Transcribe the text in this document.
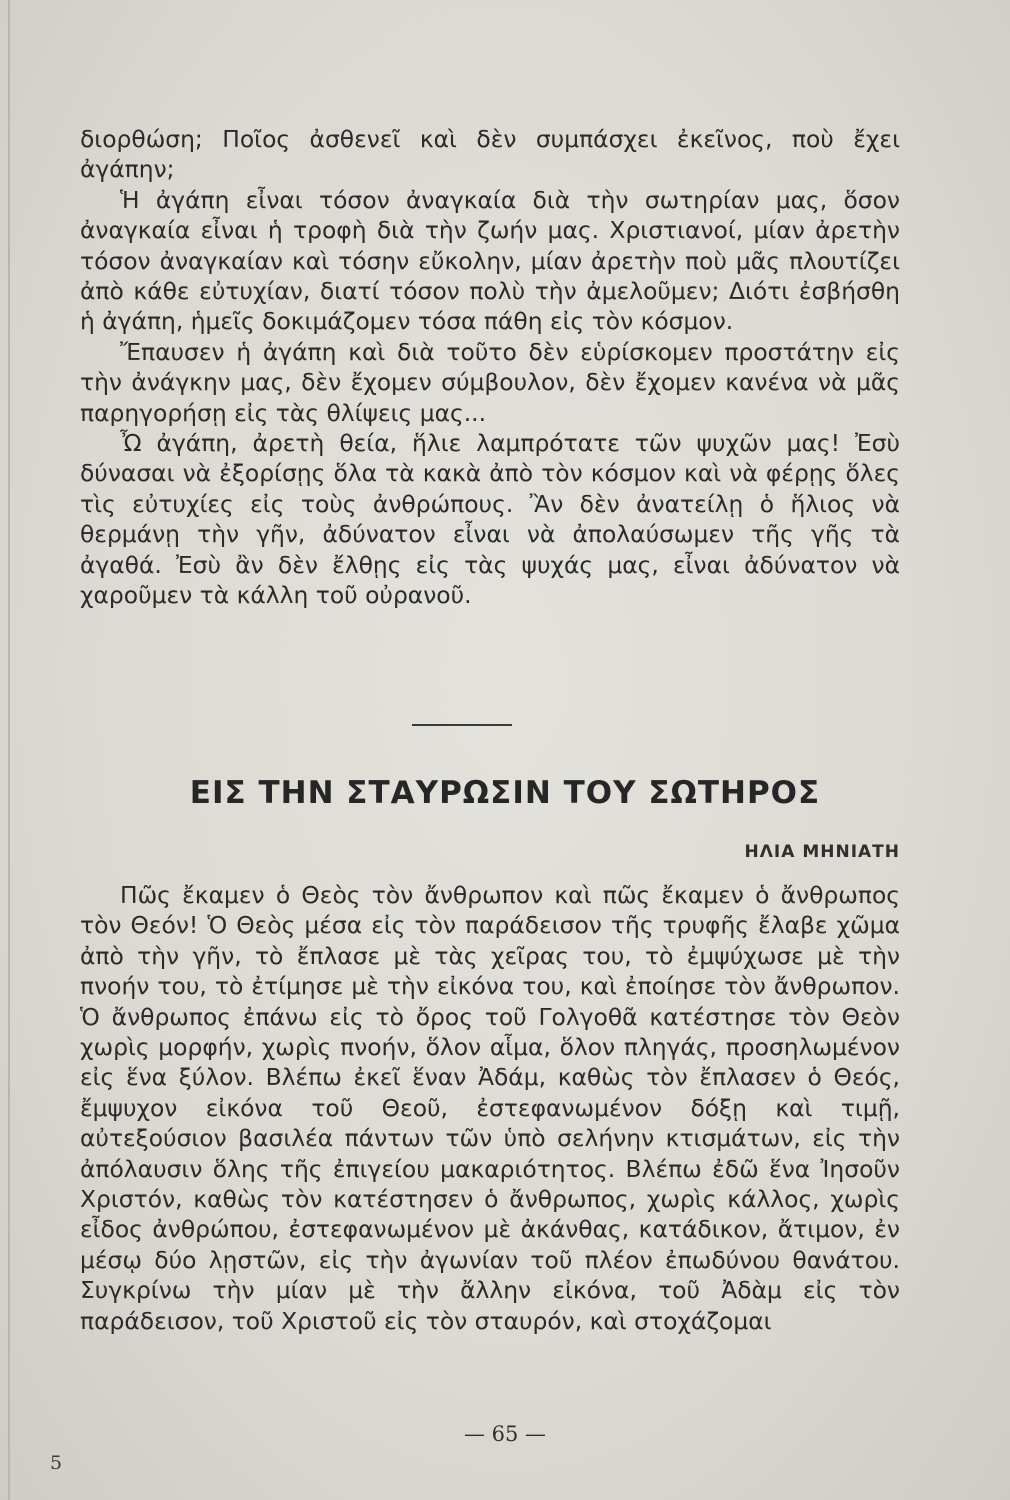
διορθώση; Ποῖος ἀσθενεῖ καὶ δὲν συμπάσχει ἐκεῖνος, ποὺ ἔχει ἀγάπην;

Ἡ ἀγάπη εἶναι τόσον ἀναγκαία διὰ τὴν σωτηρίαν μας, ὅσον ἀναγκαία εἶναι ἡ τροφὴ διὰ τὴν ζωήν μας. Χριστιανοί, μίαν ἀρετὴν τόσον ἀναγκαίαν καὶ τόσην εὔκολην, μίαν ἀρετὴν ποὺ μᾶς πλουτίζει ἀπὸ κάθε εὐτυχίαν, διατί τόσον πολὺ τὴν ἀμελοῦμεν; Διότι ἐσβήσθη ἡ ἀγάπη, ἡμεῖς δοκιμάζομεν τόσα πάθη εἰς τὸν κόσμον.

Ἔπαυσεν ἡ ἀγάπη καὶ διὰ τοῦτο δὲν εὑρίσκομεν προστάτην εἰς τὴν ἀνάγκην μας, δὲν ἔχομεν σύμβουλον, δὲν ἔχομεν κανένα νὰ μᾶς παρηγορήσῃ εἰς τὰς θλίψεις μας...

Ὦ ἀγάπη, ἀρετὴ θεία, ἥλιε λαμπρότατε τῶν ψυχῶν μας! Ἐσὺ δύνασαι νὰ ἐξορίσῃς ὅλα τὰ κακὰ ἀπὸ τὸν κόσμον καὶ νὰ φέρῃς ὅλες τὶς εὐτυχίες εἰς τοὺς ἀνθρώπους. Ἂν δὲν ἀνατείλῃ ὁ ἥλιος νὰ θερμάνῃ τὴν γῆν, ἀδύνατον εἶναι νὰ ἀπολαύσωμεν τῆς γῆς τὰ ἀγαθά. Ἐσὺ ἂν δὲν ἔλθῃς εἰς τὰς ψυχάς μας, εἶναι ἀδύνατον νὰ χαροῦμεν τὰ κάλλη τοῦ οὐρανοῦ.

ΕΙΣ ΤΗΝ ΣΤΑΥΡΩΣΙΝ ΤΟΥ ΣΩΤΗΡΟΣ
ΗΛΙΑ ΜΗΝΙΑΤΗ

Πῶς ἔκαμεν ὁ Θεὸς τὸν ἄνθρωπον καὶ πῶς ἔκαμεν ὁ ἄνθρωπος τὸν Θεόν! Ὁ Θεὸς μέσα εἰς τὸν παράδεισον τῆς τρυφῆς ἔλαβε χῶμα ἀπὸ τὴν γῆν, τὸ ἔπλασε μὲ τὰς χεῖρας του, τὸ ἐμψύχωσε μὲ τὴν πνοήν του, τὸ ἐτίμησε μὲ τὴν εἰκόνα του, καὶ ἐποίησε τὸν ἄνθρωπον. Ὁ ἄνθρωπος ἐπάνω εἰς τὸ ὄρος τοῦ Γολγοθᾶ κατέστησε τὸν Θεὸν χωρὶς μορφήν, χωρὶς πνοήν, ὅλον αἷμα, ὅλον πληγάς, προσηλωμένον εἰς ἕνα ξύλον. Βλέπω ἐκεῖ ἕναν Ἀδάμ, καθὼς τὸν ἔπλασεν ὁ Θεός, ἔμψυχον εἰκόνα τοῦ Θεοῦ, ἐστεφανωμένον δόξῃ καὶ τιμῇ, αὐτεξούσιον βασιλέα πάντων τῶν ὑπὸ σελήνην κτισμάτων, εἰς τὴν ἀπόλαυσιν ὅλης τῆς ἐπιγείου μακαριότητος. Βλέπω ἐδῶ ἕνα Ἰησοῦν Χριστόν, καθὼς τὸν κατέστησεν ὁ ἄνθρωπος, χωρὶς κάλλος, χωρὶς εἶδος ἀνθρώπου, ἐστεφανωμένον μὲ ἀκάνθας, κατάδικον, ἄτιμον, ἐν μέσῳ δύο λῃστῶν, εἰς τὴν ἀγωνίαν τοῦ πλέον ἐπωδύνου θανάτου. Συγκρίνω τὴν μίαν μὲ τὴν ἄλλην εἰκόνα, τοῦ Ἀδὰμ εἰς τὸν παράδεισον, τοῦ Χριστοῦ εἰς τὸν σταυρόν, καὶ στοχάζομαι

— 65 —
5
